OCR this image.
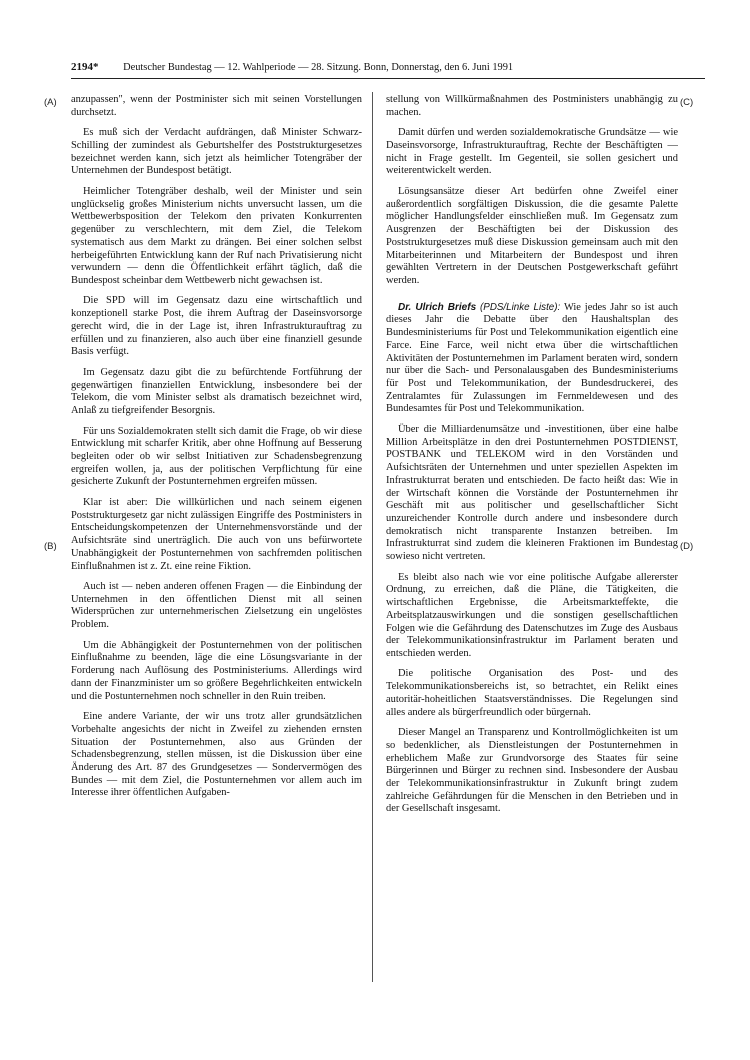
2194* Deutscher Bundestag — 12. Wahlperiode — 28. Sitzung. Bonn, Donnerstag, den 6. Juni 1991
(A)
(B)
(C)
(D)

anzupassen", wenn der Postminister sich mit seinen Vorstellungen durchsetzt.

Es muß sich der Verdacht aufdrängen, daß Minister Schwarz-Schilling der zumindest als Geburtshelfer des Poststrukturgesetzes bezeichnet werden kann, sich jetzt als heimlicher Totengräber der Unternehmen der Bundespost betätigt.

Heimlicher Totengräber deshalb, weil der Minister und sein unglückselig großes Ministerium nichts unversucht lassen, um die Wettbewerbsposition der Telekom den privaten Konkurrenten gegenüber zu verschlechtern, mit dem Ziel, die Telekom systematisch aus dem Markt zu drängen. Bei einer solchen selbst herbeigeführten Entwicklung kann der Ruf nach Privatisierung nicht verwundern — denn die Öffentlichkeit erfährt täglich, daß die Bundespost scheinbar dem Wettbewerb nicht gewachsen ist.

Die SPD will im Gegensatz dazu eine wirtschaftlich und konzeptionell starke Post, die ihrem Auftrag der Daseinsvorsorge gerecht wird, die in der Lage ist, ihren Infrastrukturauftrag zu erfüllen und zu finanzieren, also auch über eine finanziell gesunde Basis verfügt.

Im Gegensatz dazu gibt die zu befürchtende Fortführung der gegenwärtigen finanziellen Entwicklung, insbesondere bei der Telekom, die vom Minister selbst als dramatisch bezeichnet wird, Anlaß zu tiefgreifender Besorgnis.

Für uns Sozialdemokraten stellt sich damit die Frage, ob wir diese Entwicklung mit scharfer Kritik, aber ohne Hoffnung auf Besserung begleiten oder ob wir selbst Initiativen zur Schadensbegrenzung ergreifen wollen, ja, aus der politischen Verpflichtung für eine gesicherte Zukunft der Postunternehmen ergreifen müssen.

Klar ist aber: Die willkürlichen und nach seinem eigenen Poststrukturgesetz gar nicht zulässigen Eingriffe des Postministers in Entscheidungskompetenzen der Unternehmensvorstände und der Aufsichtsräte sind unerträglich. Die auch von uns befürwortete Unabhängigkeit der Postunternehmen von sachfremden politischen Einflußnahmen ist z. Zt. eine reine Fiktion.

Auch ist — neben anderen offenen Fragen — die Einbindung der Unternehmen in den öffentlichen Dienst mit all seinen Widersprüchen zur unternehmerischen Zielsetzung ein ungelöstes Problem.

Um die Abhängigkeit der Postunternehmen von der politischen Einflußnahme zu beenden, läge die eine Lösungsvariante in der Forderung nach Auflösung des Postministeriums. Allerdings wird dann der Finanzminister um so größere Begehrlichkeiten entwickeln und die Postunternehmen noch schneller in den Ruin treiben.

Eine andere Variante, der wir uns trotz aller grundsätzlichen Vorbehalte angesichts der nicht in Zweifel zu ziehenden ernsten Situation der Postunternehmen, also aus Gründen der Schadensbegrenzung, stellen müssen, ist die Diskussion über eine Änderung des Art. 87 des Grundgesetzes — Sondervermögen des Bundes — mit dem Ziel, die Postunternehmen vor allem auch im Interesse ihrer öffentlichen Aufgaben-

stellung von Willkürmaßnahmen des Postministers unabhängig zu machen.

Damit dürfen und werden sozialdemokratische Grundsätze — wie Daseinsvorsorge, Infrastrukturauftrag, Rechte der Beschäftigten — nicht in Frage gestellt. Im Gegenteil, sie sollen gesichert und weiterentwickelt werden.

Lösungsansätze dieser Art bedürfen ohne Zweifel einer außerordentlich sorgfältigen Diskussion, die die gesamte Palette möglicher Handlungsfelder einschließen muß. Im Gegensatz zum Ausgrenzen der Beschäftigten bei der Diskussion des Poststrukturgesetzes muß diese Diskussion gemeinsam auch mit den Mitarbeiterinnen und Mitarbeitern der Bundespost und ihren gewählten Vertretern in der Deutschen Postgewerkschaft geführt werden.

Dr. Ulrich Briefs (PDS/Linke Liste): Wie jedes Jahr so ist auch dieses Jahr die Debatte über den Haushaltsplan des Bundesministeriums für Post und Telekommunikation eigentlich eine Farce. Eine Farce, weil nicht etwa über die wirtschaftlichen Aktivitäten der Postunternehmen im Parlament beraten wird, sondern nur über die Sach- und Personalausgaben des Bundesministeriums für Post und Telekommunikation, der Bundesdruckerei, des Zentralamtes für Zulassungen im Fernmeldewesen und des Bundesamtes für Post und Telekommunikation.

Über die Milliardenumsätze und -investitionen, über eine halbe Million Arbeitsplätze in den drei Postunternehmen POSTDIENST, POSTBANK und TELEKOM wird in den Vorständen und Aufsichtsräten der Unternehmen und unter speziellen Aspekten im Infrastrukturrat beraten und entschieden. De facto heißt das: Wie in der Wirtschaft können die Vorstände der Postunternehmen ihr Geschäft mit aus politischer und gesellschaftlicher Sicht unzureichender Kontrolle durch andere und insbesondere durch demokratisch nicht transparente Instanzen betreiben. Im Infrastrukturrat sind zudem die kleineren Fraktionen im Bundestag sowieso nicht vertreten.

Es bleibt also nach wie vor eine politische Aufgabe allererster Ordnung, zu erreichen, daß die Pläne, die Tätigkeiten, die wirtschaftlichen Ergebnisse, die Arbeitsmarkteffekte, die Arbeitsplatzauswirkungen und die sonstigen gesellschaftlichen Folgen wie die Gefährdung des Datenschutzes im Zuge des Ausbaus der Telekommunikationsinfrastruktur im Parlament beraten und entschieden werden.

Die politische Organisation des Post- und des Telekommunikationsbereichs ist, so betrachtet, ein Relikt eines autoritär-hoheitlichen Staatsverständnisses. Die Regelungen sind alles andere als bürgerfreundlich oder bürgernah.

Dieser Mangel an Transparenz und Kontrollmöglichkeiten ist um so bedenklicher, als Dienstleistungen der Postunternehmen in erheblichem Maße zur Grundvorsorge des Staates für seine Bürgerinnen und Bürger zu rechnen sind. Insbesondere der Ausbau der Telekommunikationsinfrastruktur in Zukunft bringt zudem zahlreiche Gefährdungen für die Menschen in den Betrieben und in der Gesellschaft insgesamt.
